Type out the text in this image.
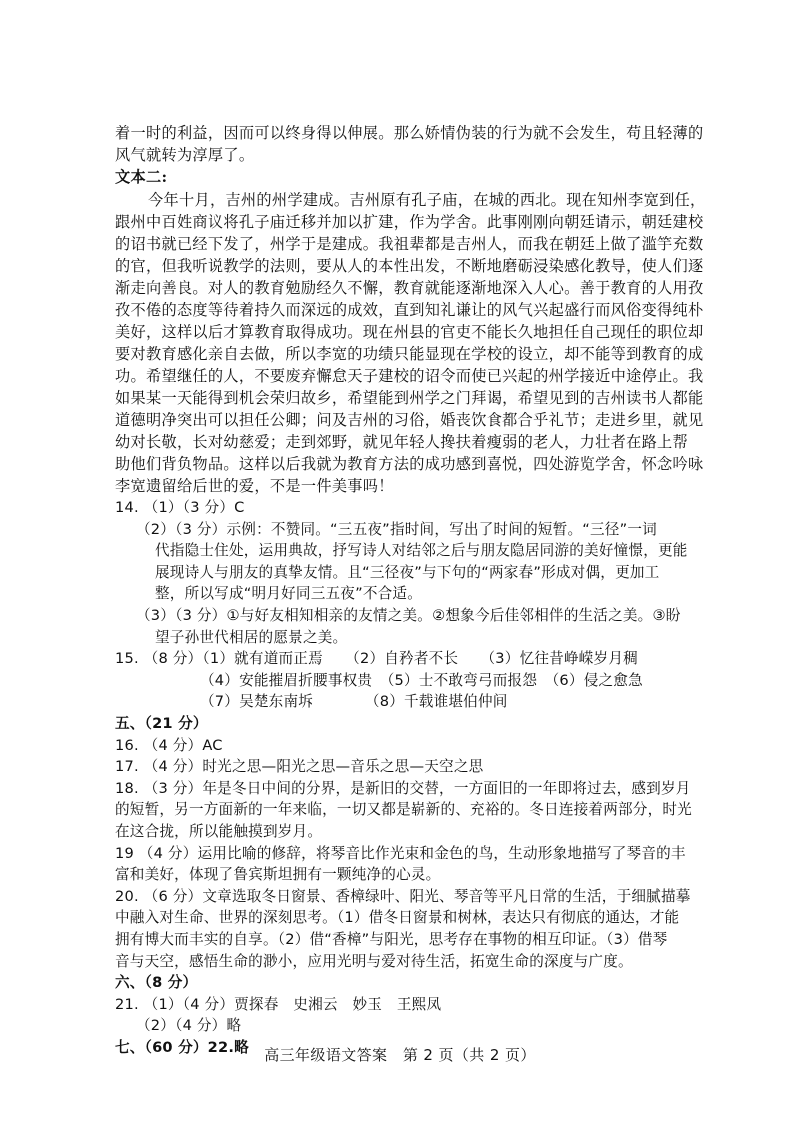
着一时的利益，因而可以终身得以伸展。那么娇情伪装的行为就不会发生，苟且轻薄的
风气就转为淳厚了。
文本二:
今年十月，吉州的州学建成。吉州原有孔子庙，在城的西北。现在知州李宽到任，
跟州中百姓商议将孔子庙迁移并加以扩建，作为学舍。此事刚刚向朝廷请示，朝廷建校
的诏书就已经下发了，州学于是建成。我祖辈都是吉州人，而我在朝廷上做了滥竽充数
的官，但我听说教学的法则，要从人的本性出发，不断地磨砺浸染感化教导，使人们逐
渐走向善良。对人的教育勉励经久不懈，教育就能逐渐地深入人心。善于教育的人用孜
孜不倦的态度等待着持久而深远的成效，直到知礼谦让的风气兴起盛行而风俗变得纯朴
美好，这样以后才算教育取得成功。现在州县的官吏不能长久地担任自己现任的职位却
要对教育感化亲自去做，所以李宽的功绩只能显现在学校的设立，却不能等到教育的成
功。希望继任的人，不要废弃懈怠天子建校的诏令而使已兴起的州学接近中途停止。我
如果某一天能得到机会荣归故乡，希望能到州学之门拜谒，希望见到的吉州读书人都能
道德明净突出可以担任公卿；问及吉州的习俗，婚丧饮食都合乎礼节；走进乡里，就见
幼对长敬，长对幼慈爱；走到郊野，就见年轻人搀扶着瘦弱的老人，力壮者在路上帮
助他们背负物品。这样以后我就为教育方法的成功感到喜悦，四处游览学舍，怀念吟咏
李宽遗留给后世的爱，不是一件美事吗！
14. （1）（3 分）C
（2）（3 分）示例：不赞同。“三五夜”指时间，写出了时间的短暂。“三径”一词
代指隐士住处，运用典故，抒写诗人对结邻之后与朋友隐居同游的美好憧憬，更能
展现诗人与朋友的真挚友情。且“三径夜”与下句的“两家春”形成对偶，更加工
整，所以写成“明月好同三五夜”不合适。
（3）（3 分）①与好友相知相亲的友情之美。②想象今后佳邻相伴的生活之美。③盼
望子孙世代相居的愿景之美。
15. （8 分）（1）就有道而正焉　　（2）自矜者不长　　（3）忆往昔峥嵘岁月稠
（4）安能摧眉折腰事权贵　（5）士不敢弯弓而报怨　（6）侵之愈急
（7）吴楚东南坼　　　　（8）千载谁堪伯仲间
五、（21 分）
16. （4 分）AC
17. （4 分）时光之思—阳光之思—音乐之思—天空之思
18. （3 分）年是冬日中间的分界，是新旧的交替，一方面旧的一年即将过去，感到岁月
的短暂，另一方面新的一年来临，一切又都是崭新的、充裕的。冬日连接着两部分，时光
在这合拢，所以能触摸到岁月。
19 （4 分）运用比喻的修辞，将琴音比作光束和金色的鸟，生动形象地描写了琴音的丰
富和美好，体现了鲁宾斯坦拥有一颗纯净的心灵。
20. （6 分）文章选取冬日窗景、香樟绿叶、阳光、琴音等平凡日常的生活，于细腻描摹
中融入对生命、世界的深刻思考。（1）借冬日窗景和树林，表达只有彻底的通达，才能
拥有博大而丰实的自享。（2）借“香樟”与阳光，思考存在事物的相互印证。（3）借琴
音与天空，感悟生命的渺小，应用光明与爱对待生活，拓宽生命的深度与广度。
六、（8 分）
21. （1）（4 分）贾探春　史湘云　妙玉　王熙凤
（2）（4 分）略
七、（60 分）22.略	高三年级语文答案　第 2 页（共 2 页）
